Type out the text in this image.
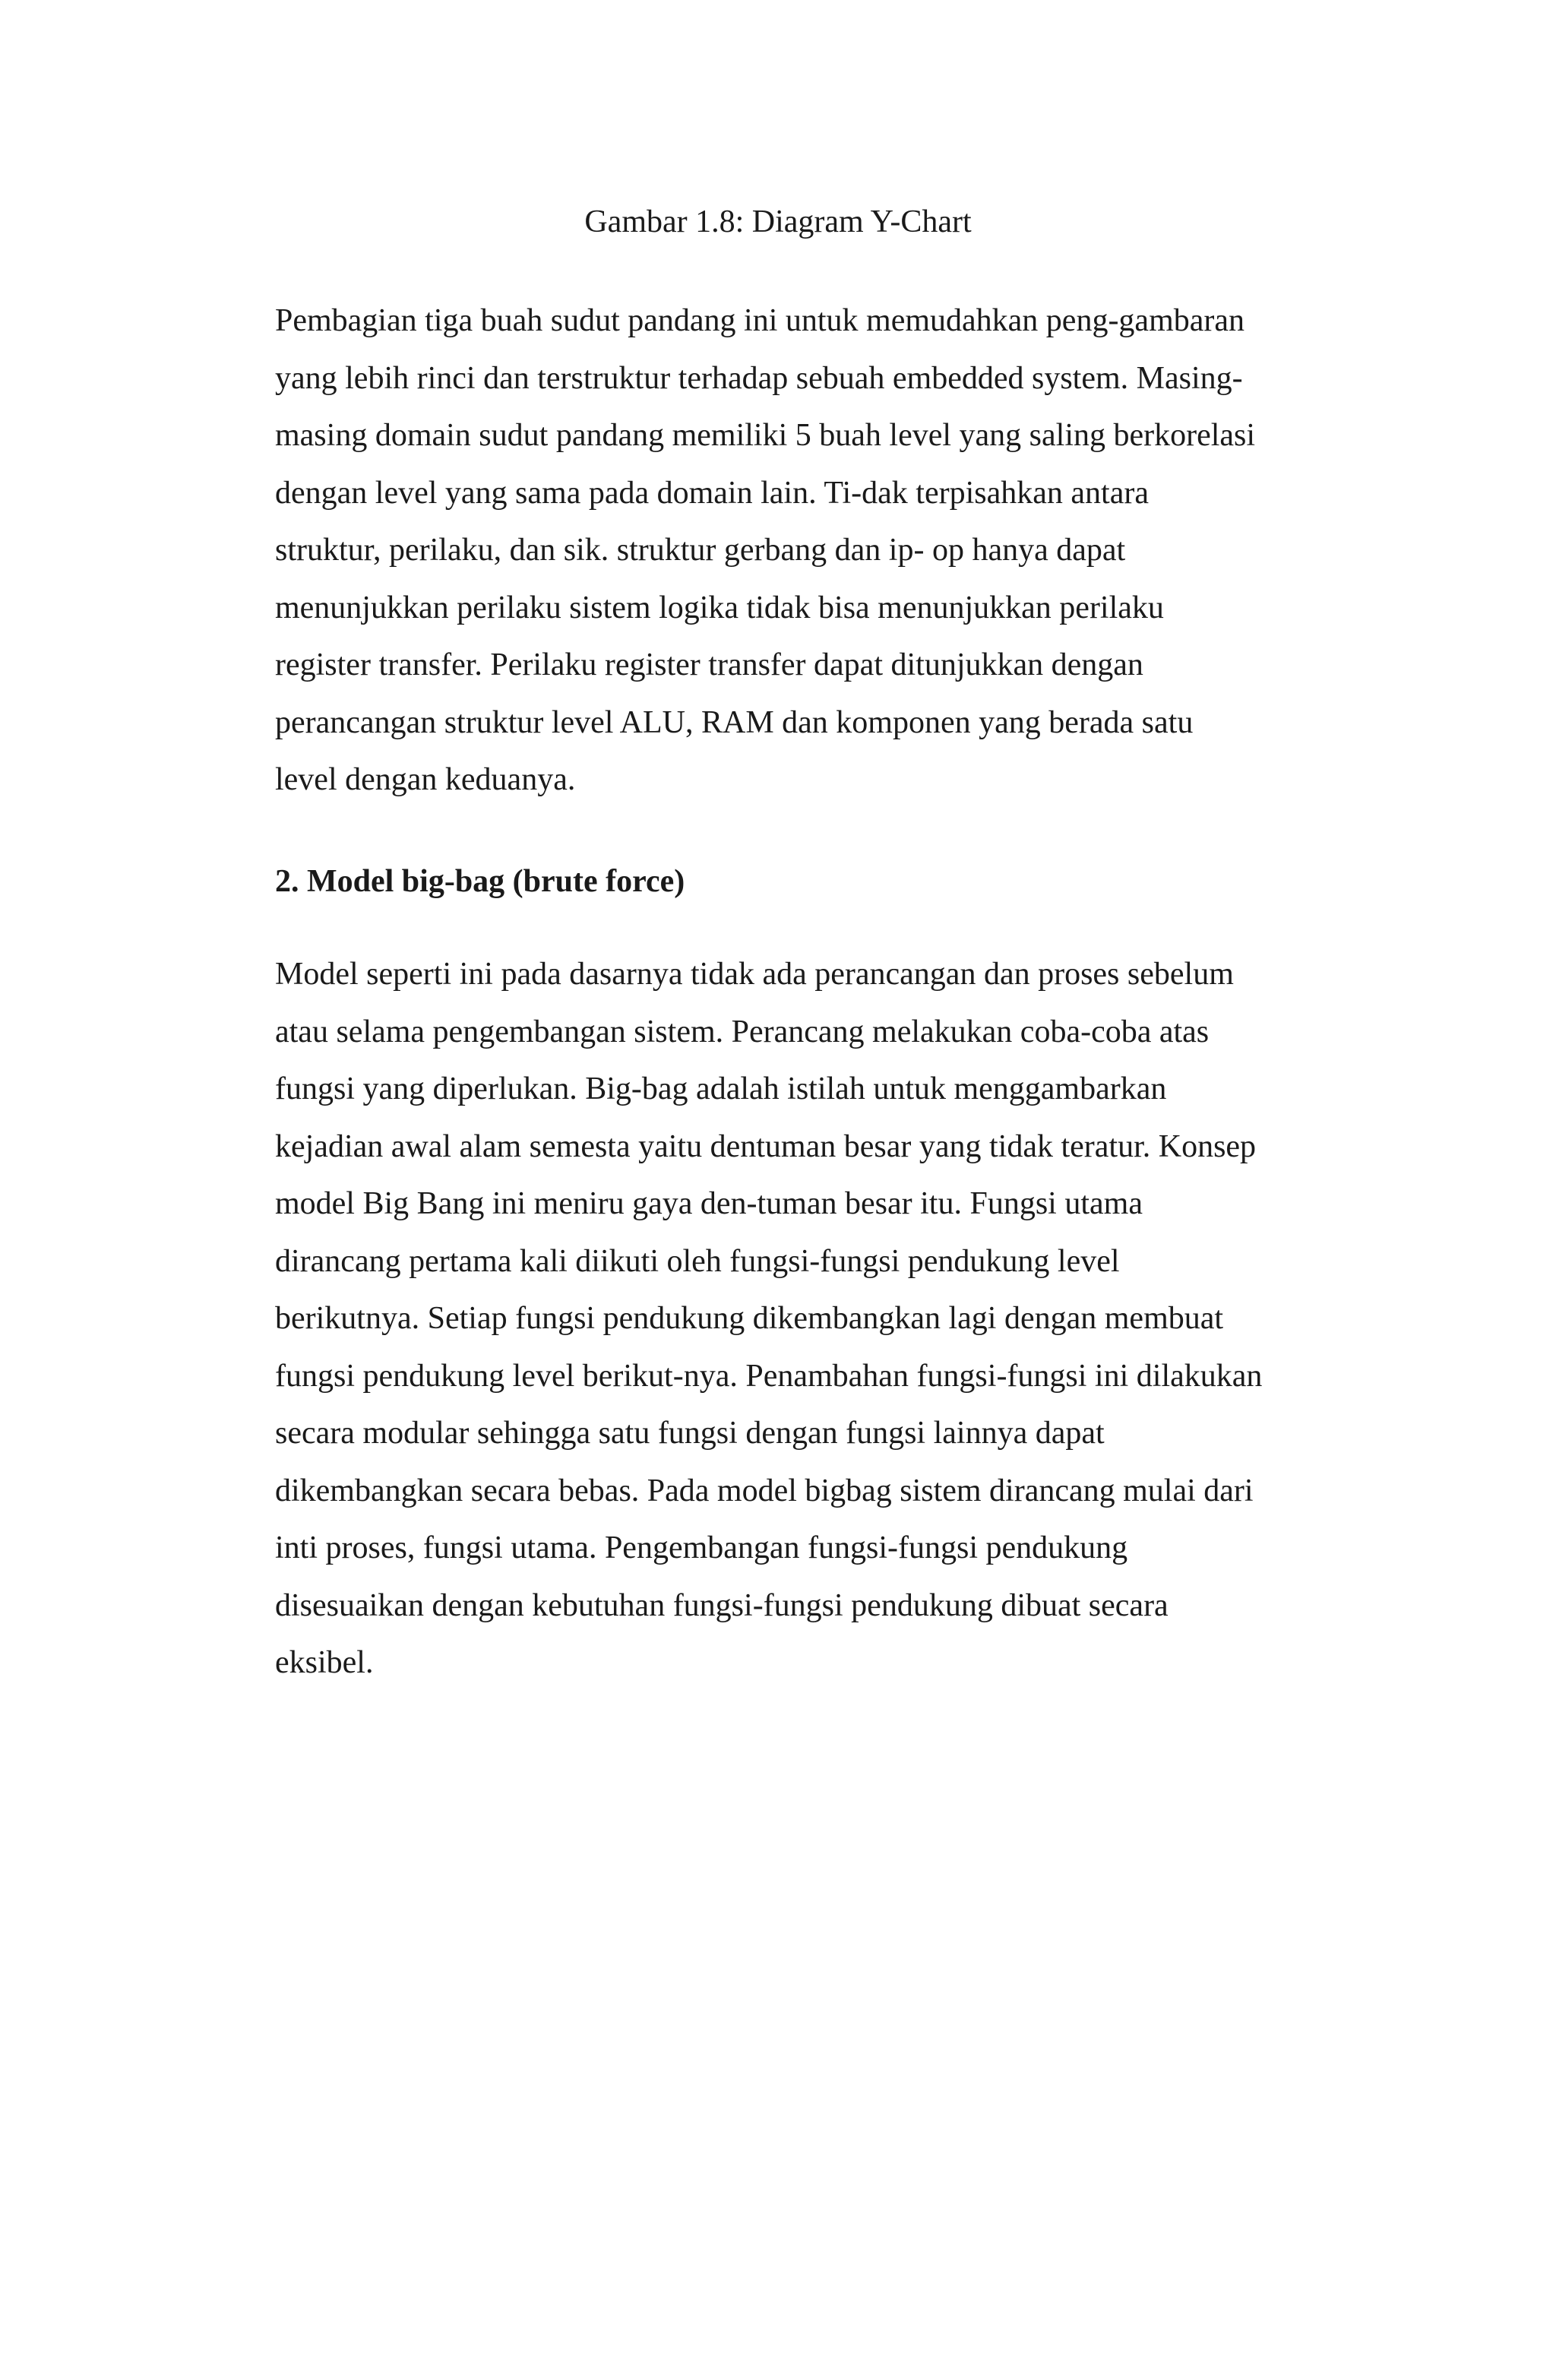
Gambar 1.8: Diagram Y-Chart

Pembagian tiga buah sudut pandang ini untuk memudahkan peng-gambaran
yang lebih rinci dan terstruktur terhadap sebuah embedded system. Masing-
masing domain sudut pandang memiliki 5 buah level yang saling berkorelasi
dengan level yang sama pada domain lain. Ti-dak terpisahkan antara
struktur, perilaku, dan sik. struktur gerbang dan ip- op hanya dapat
menunjukkan perilaku sistem logika tidak bisa menunjukkan perilaku
register transfer. Perilaku register transfer dapat ditunjukkan dengan
perancangan struktur level ALU, RAM dan komponen yang berada satu
level dengan keduanya.
2. Model big-bag (brute force)
Model seperti ini pada dasarnya tidak ada perancangan dan proses sebelum
atau selama pengembangan sistem. Perancang melakukan coba-coba atas
fungsi yang diperlukan. Big-bag adalah istilah untuk menggambarkan
kejadian awal alam semesta yaitu dentuman besar yang tidak teratur. Konsep
model Big Bang ini meniru gaya den-tuman besar itu. Fungsi utama
dirancang pertama kali diikuti oleh fungsi-fungsi pendukung level
berikutnya. Setiap fungsi pendukung dikembangkan lagi dengan membuat
fungsi pendukung level berikut-nya. Penambahan fungsi-fungsi ini dilakukan
secara modular sehingga satu fungsi dengan fungsi lainnya dapat
dikembangkan secara bebas. Pada model bigbag sistem dirancang mulai dari
inti proses, fungsi utama. Pengembangan fungsi-fungsi pendukung
disesuaikan dengan kebutuhan fungsi-fungsi pendukung dibuat secara
eksibel.
